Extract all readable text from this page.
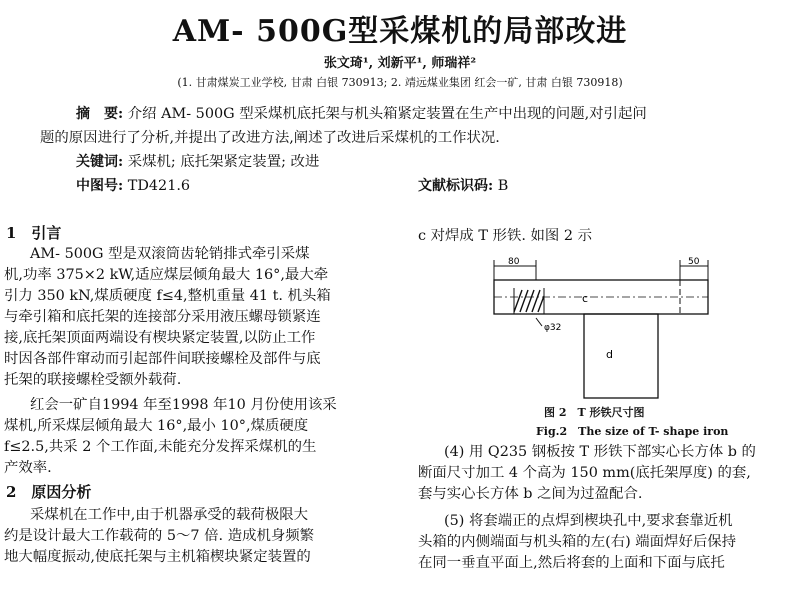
AM- 500G型采煤机的局部改进
张文琦¹, 刘新平¹, 师瑞祥²
(1. 甘肃煤炭工业学校, 甘肃 白银 730913; 2. 靖远煤业集团 红会一矿, 甘肃 白银 730918)
摘　要: 介绍 AM- 500G 型采煤机底托架与机头箱紧定装置在生产中出现的问题,对引起问
题的原因进行了分析,并提出了改进方法,阐述了改进后采煤机的工作状况.
关键词: 采煤机; 底托架紧定装置; 改进
中图号: TD421.6	文献标识码: B
1　引言
AM- 500G 型是双滚筒齿轮销排式牵引采煤
机,功率 375×2 kW,适应煤层倾角最大 16°,最大牵
引力 350 kN,煤质硬度 f≤4,整机重量 41 t. 机头箱
与牵引箱和底托架的连接部分采用液压螺母锁紧连
接,底托架顶面两端设有楔块紧定装置,以防止工作
时因各部件窜动而引起部件间联接螺栓及部件与底
托架的联接螺栓受额外载荷.
红会一矿自1994 年至1998 年10 月份使用该采
煤机,所采煤层倾角最大 16°,最小 10°,煤质硬度
f≤2.5,共采 2 个工作面,未能充分发挥采煤机的生
产效率.
2　原因分析
采煤机在工作中,由于机器承受的载荷极限大
约是设计最大工作载荷的 5～7 倍. 造成机身频繁
地大幅度振动,使底托架与主机箱楔块紧定装置的
c 对焊成 T 形铁. 如图 2 示
80	50
φ32
c
d
图 2　T 形铁尺寸图
Fig.2　The size of T- shape iron
(4) 用 Q235 钢板按 T 形铁下部实心长方体 b 的
断面尺寸加工 4 个高为 150 mm(底托架厚度) 的套,
套与实心长方体 b 之间为过盈配合.
(5) 将套端正的点焊到楔块孔中,要求套靠近机
头箱的内侧端面与机头箱的左(右) 端面焊好后保持
在同一垂直平面上,然后将套的上面和下面与底托
